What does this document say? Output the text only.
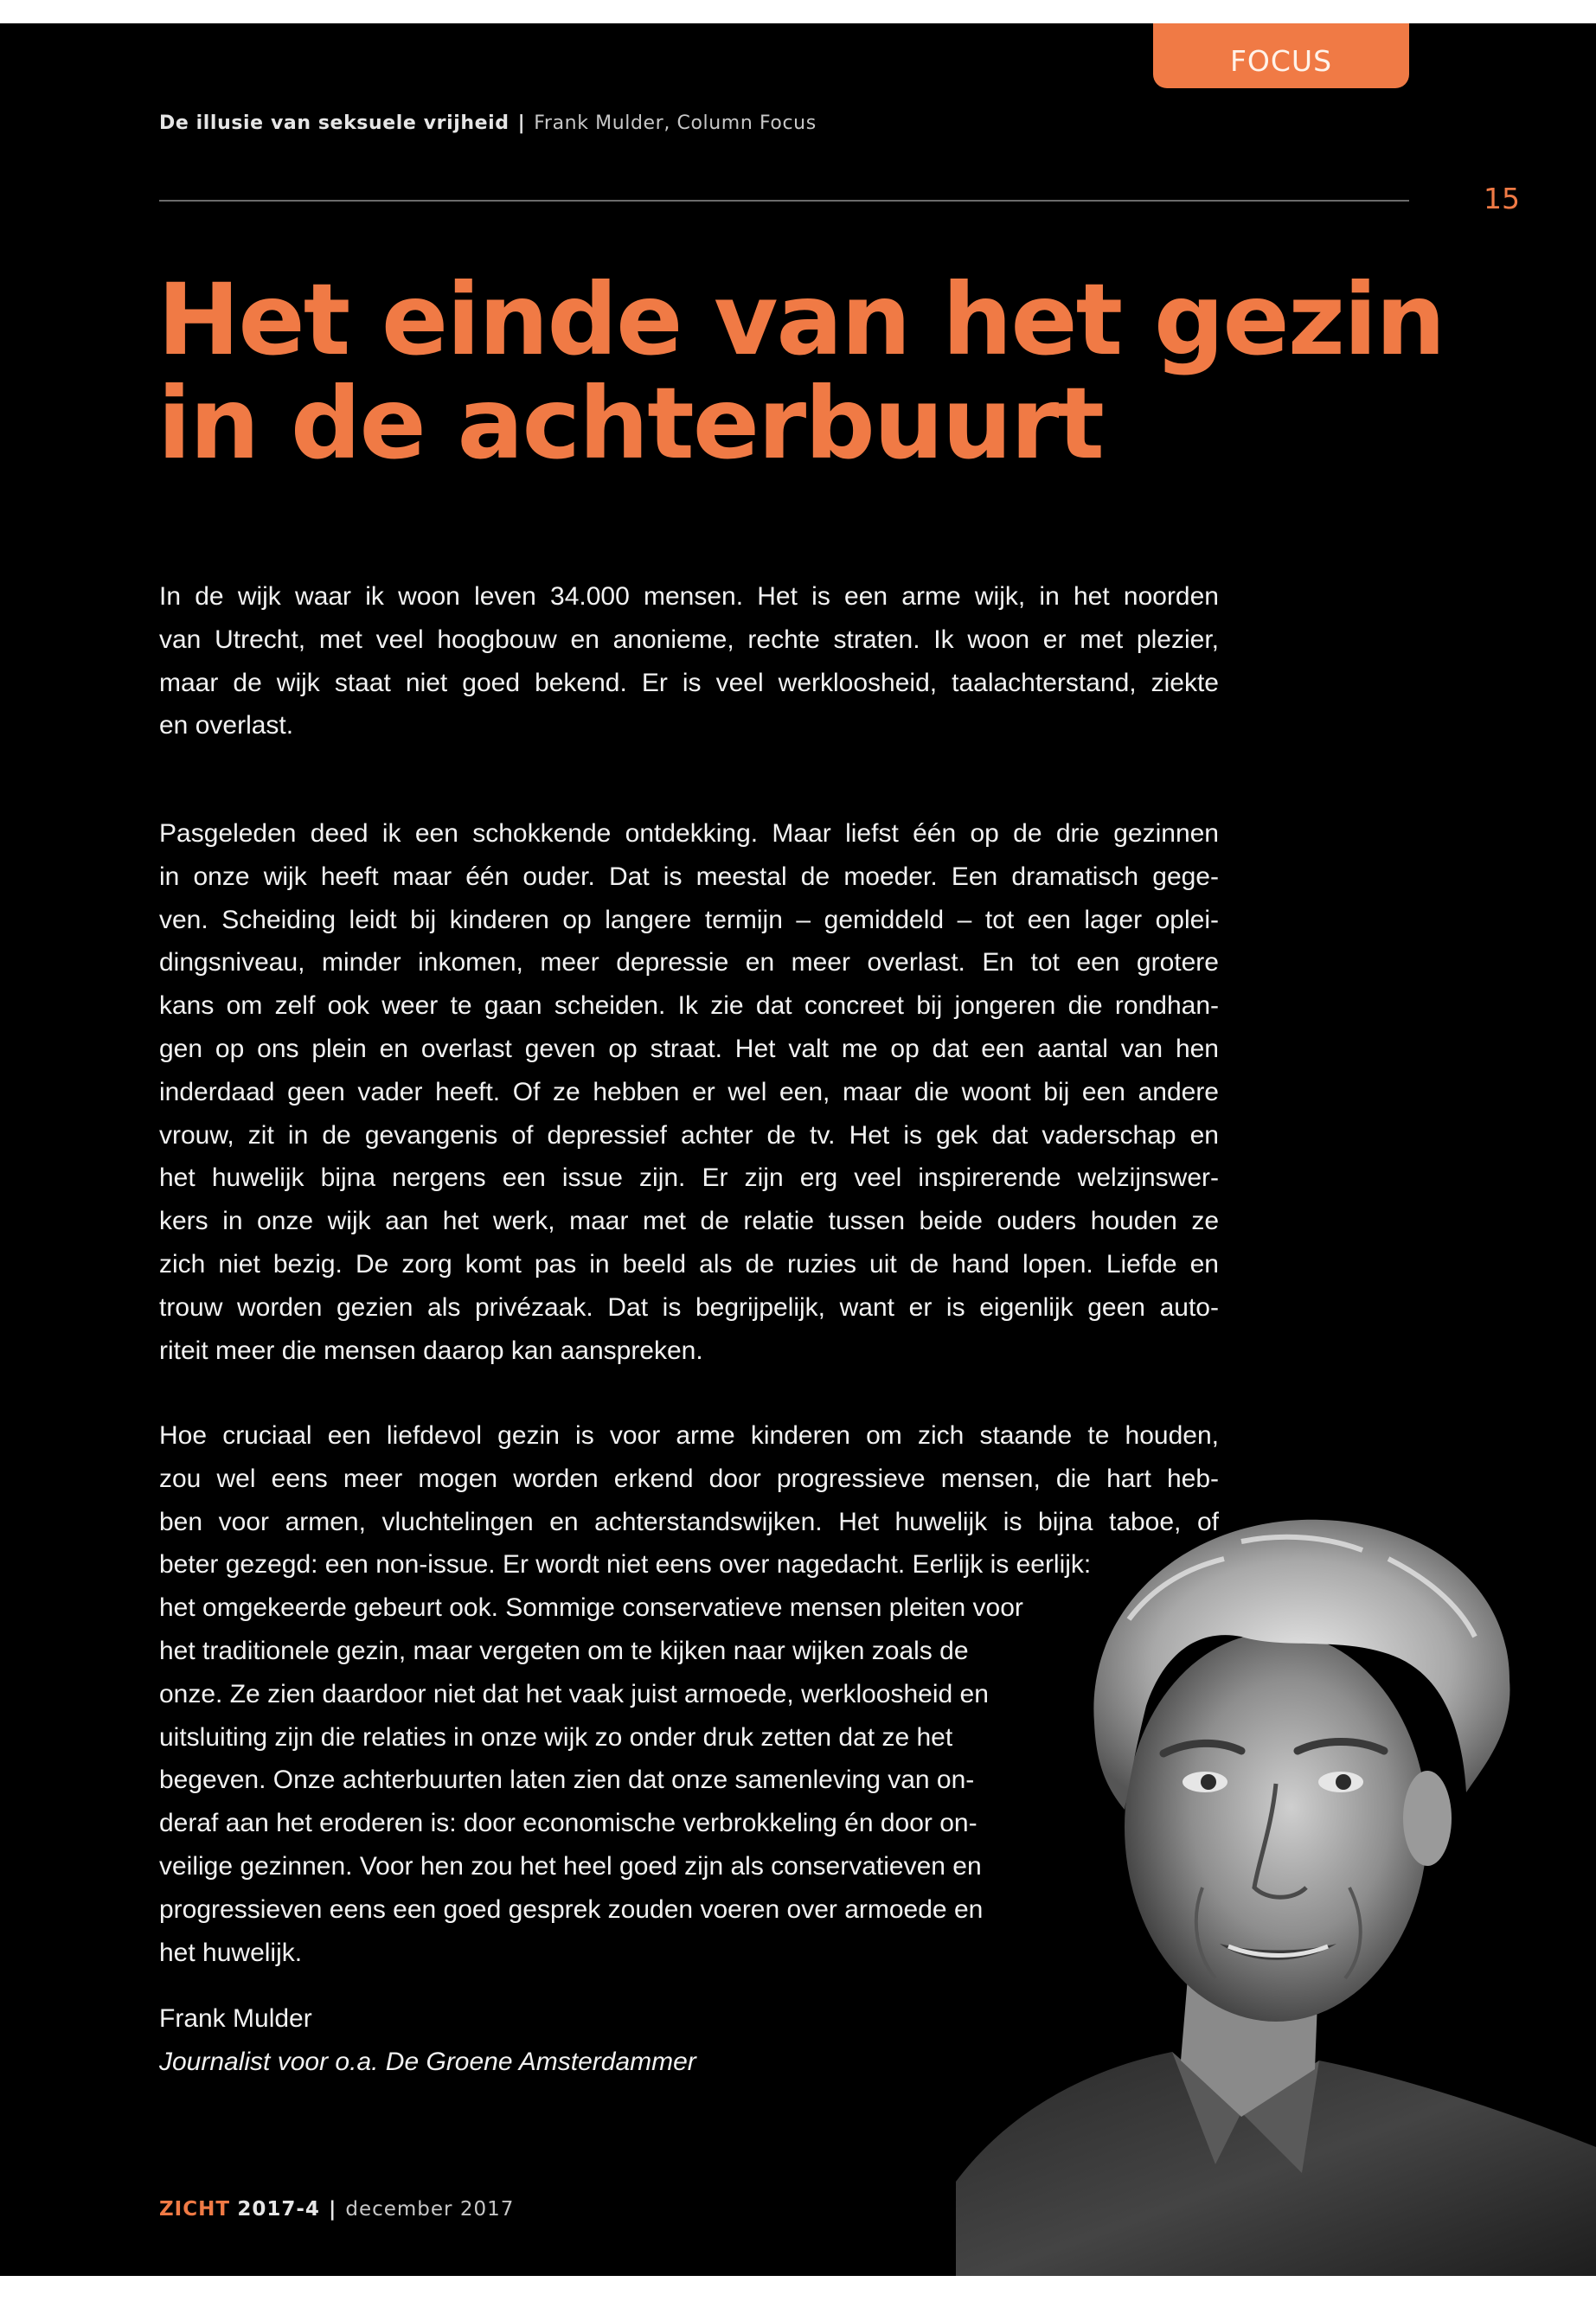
FOCUS
De illusie van seksuele vrijheid | Frank Mulder, Column Focus
15
Het einde van het gezin
in de achterbuurt
In de wijk waar ik woon leven 34.000 mensen. Het is een arme wijk, in het noorden
van Utrecht, met veel hoogbouw en anonieme, rechte straten. Ik woon er met plezier,
maar de wijk staat niet goed bekend. Er is veel werkloosheid, taalachterstand, ziekte
en overlast.
Pasgeleden deed ik een schokkende ontdekking. Maar liefst één op de drie gezinnen
in onze wijk heeft maar één ouder. Dat is meestal de moeder. Een dramatisch gege-
ven. Scheiding leidt bij kinderen op langere termijn – gemiddeld – tot een lager oplei-
dingsniveau, minder inkomen, meer depressie en meer overlast. En tot een grotere
kans om zelf ook weer te gaan scheiden. Ik zie dat concreet bij jongeren die rondhan-
gen op ons plein en overlast geven op straat. Het valt me op dat een aantal van hen
inderdaad geen vader heeft. Of ze hebben er wel een, maar die woont bij een andere
vrouw, zit in de gevangenis of depressief achter de tv. Het is gek dat vaderschap en
het huwelijk bijna nergens een issue zijn. Er zijn erg veel inspirerende welzijnswer-
kers in onze wijk aan het werk, maar met de relatie tussen beide ouders houden ze
zich niet bezig. De zorg komt pas in beeld als de ruzies uit de hand lopen. Liefde en
trouw worden gezien als privézaak. Dat is begrijpelijk, want er is eigenlijk geen auto-
riteit meer die mensen daarop kan aanspreken.
Hoe cruciaal een liefdevol gezin is voor arme kinderen om zich staande te houden,
zou wel eens meer mogen worden erkend door progressieve mensen, die hart heb-
ben voor armen, vluchtelingen en achterstandswijken. Het huwelijk is bijna taboe, of
beter gezegd: een non-issue. Er wordt niet eens over nagedacht. Eerlijk is eerlijk:
het omgekeerde gebeurt ook. Sommige conservatieve mensen pleiten voor
het traditionele gezin, maar vergeten om te kijken naar wijken zoals de
onze. Ze zien daardoor niet dat het vaak juist armoede, werkloosheid en
uitsluiting zijn die relaties in onze wijk zo onder druk zetten dat ze het
begeven. Onze achterbuurten laten zien dat onze samenleving van on-
deraf aan het eroderen is: door economische verbrokkeling én door on-
veilige gezinnen. Voor hen zou het heel goed zijn als conservatieven en
progressieven eens een goed gesprek zouden voeren over armoede en
het huwelijk.
Frank Mulder
Journalist voor o.a. De Groene Amsterdammer
ZICHT 2017-4 | december 2017
